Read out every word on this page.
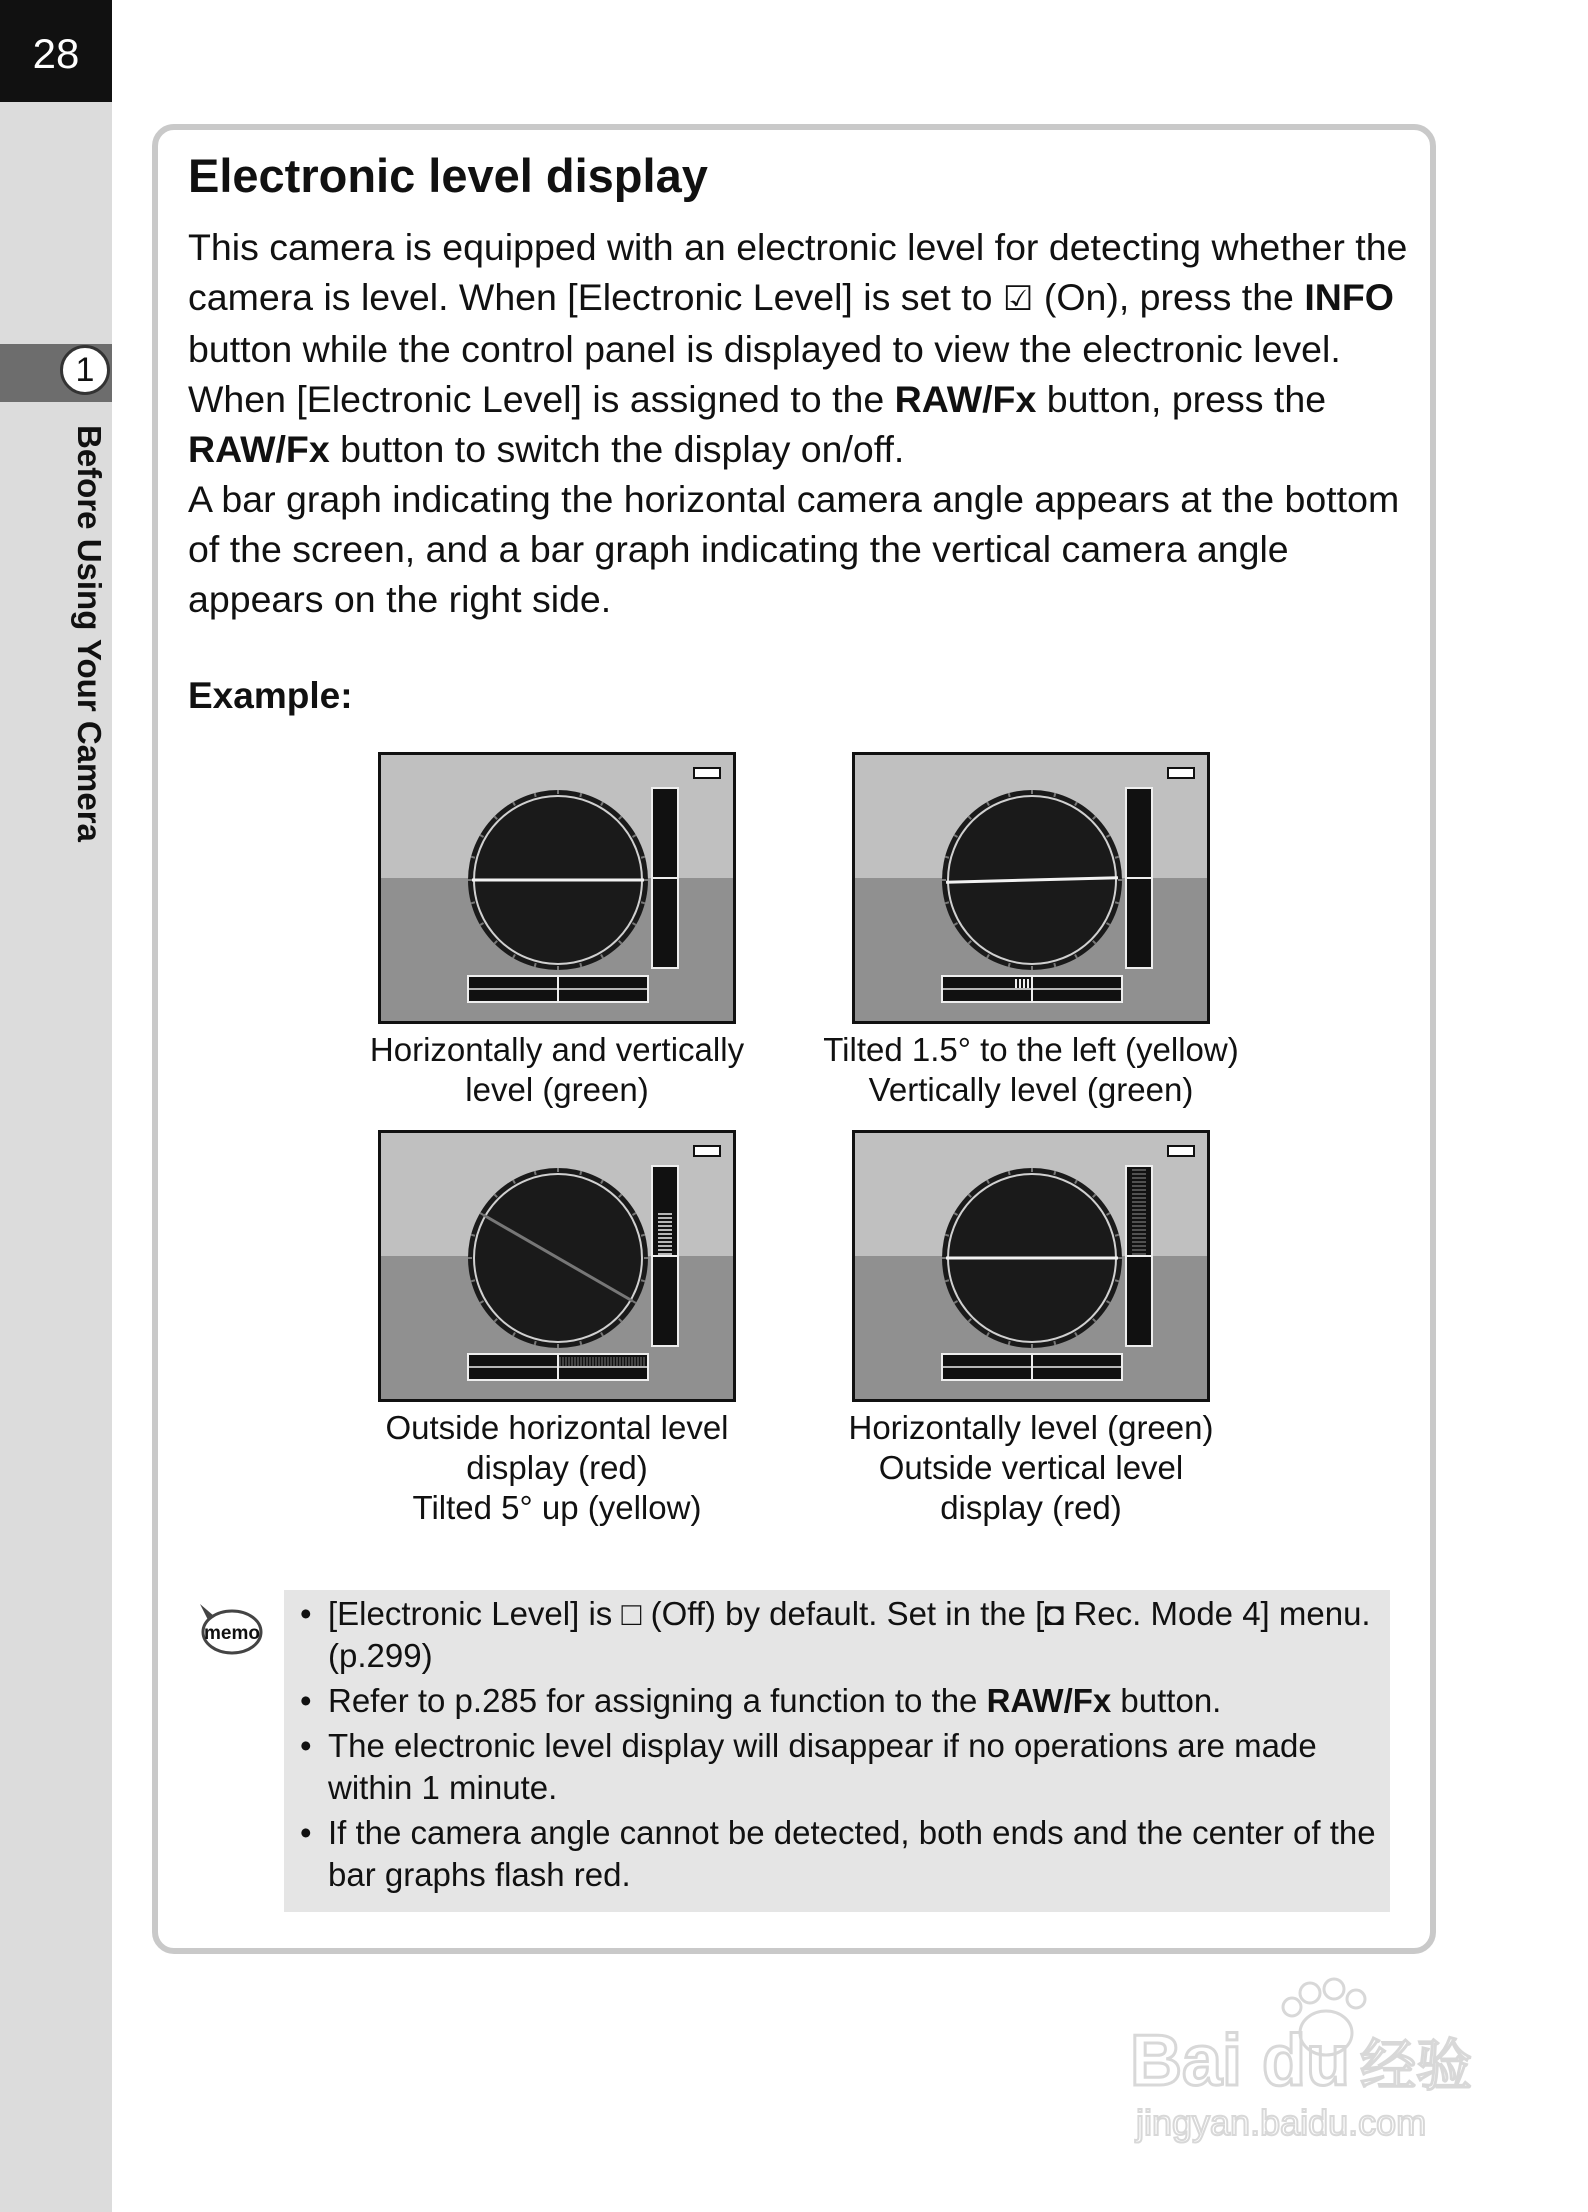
28
1
Before Using Your Camera
Electronic level display

This camera is equipped with an electronic level for detecting whether the camera is level. When [Electronic Level] is set to ☑ (On), press the INFO button while the control panel is displayed to view the electronic level. When [Electronic Level] is assigned to the RAW/Fx button, press the RAW/Fx button to switch the display on/off.

A bar graph indicating the horizontal camera angle appears at the bottom of the screen, and a bar graph indicating the vertical camera angle appears on the right side.

Example:
Horizontally and vertically
level (green)
Tilted 1.5° to the left (yellow)
Vertically level (green)
Outside horizontal level
display (red)
Tilted 5° up (yellow)
Horizontally level (green)
Outside vertical level
display (red)
memo
• [Electronic Level] is □ (Off) by default. Set in the [◘ Rec. Mode 4] menu. (p.299)
• Refer to p.285 for assigning a function to the RAW/Fx button.
• The electronic level display will disappear if no operations are made within 1 minute.
• If the camera angle cannot be detected, both ends and the center of the bar graphs flash red.
Bai du 经验
jingyan.baidu.com
